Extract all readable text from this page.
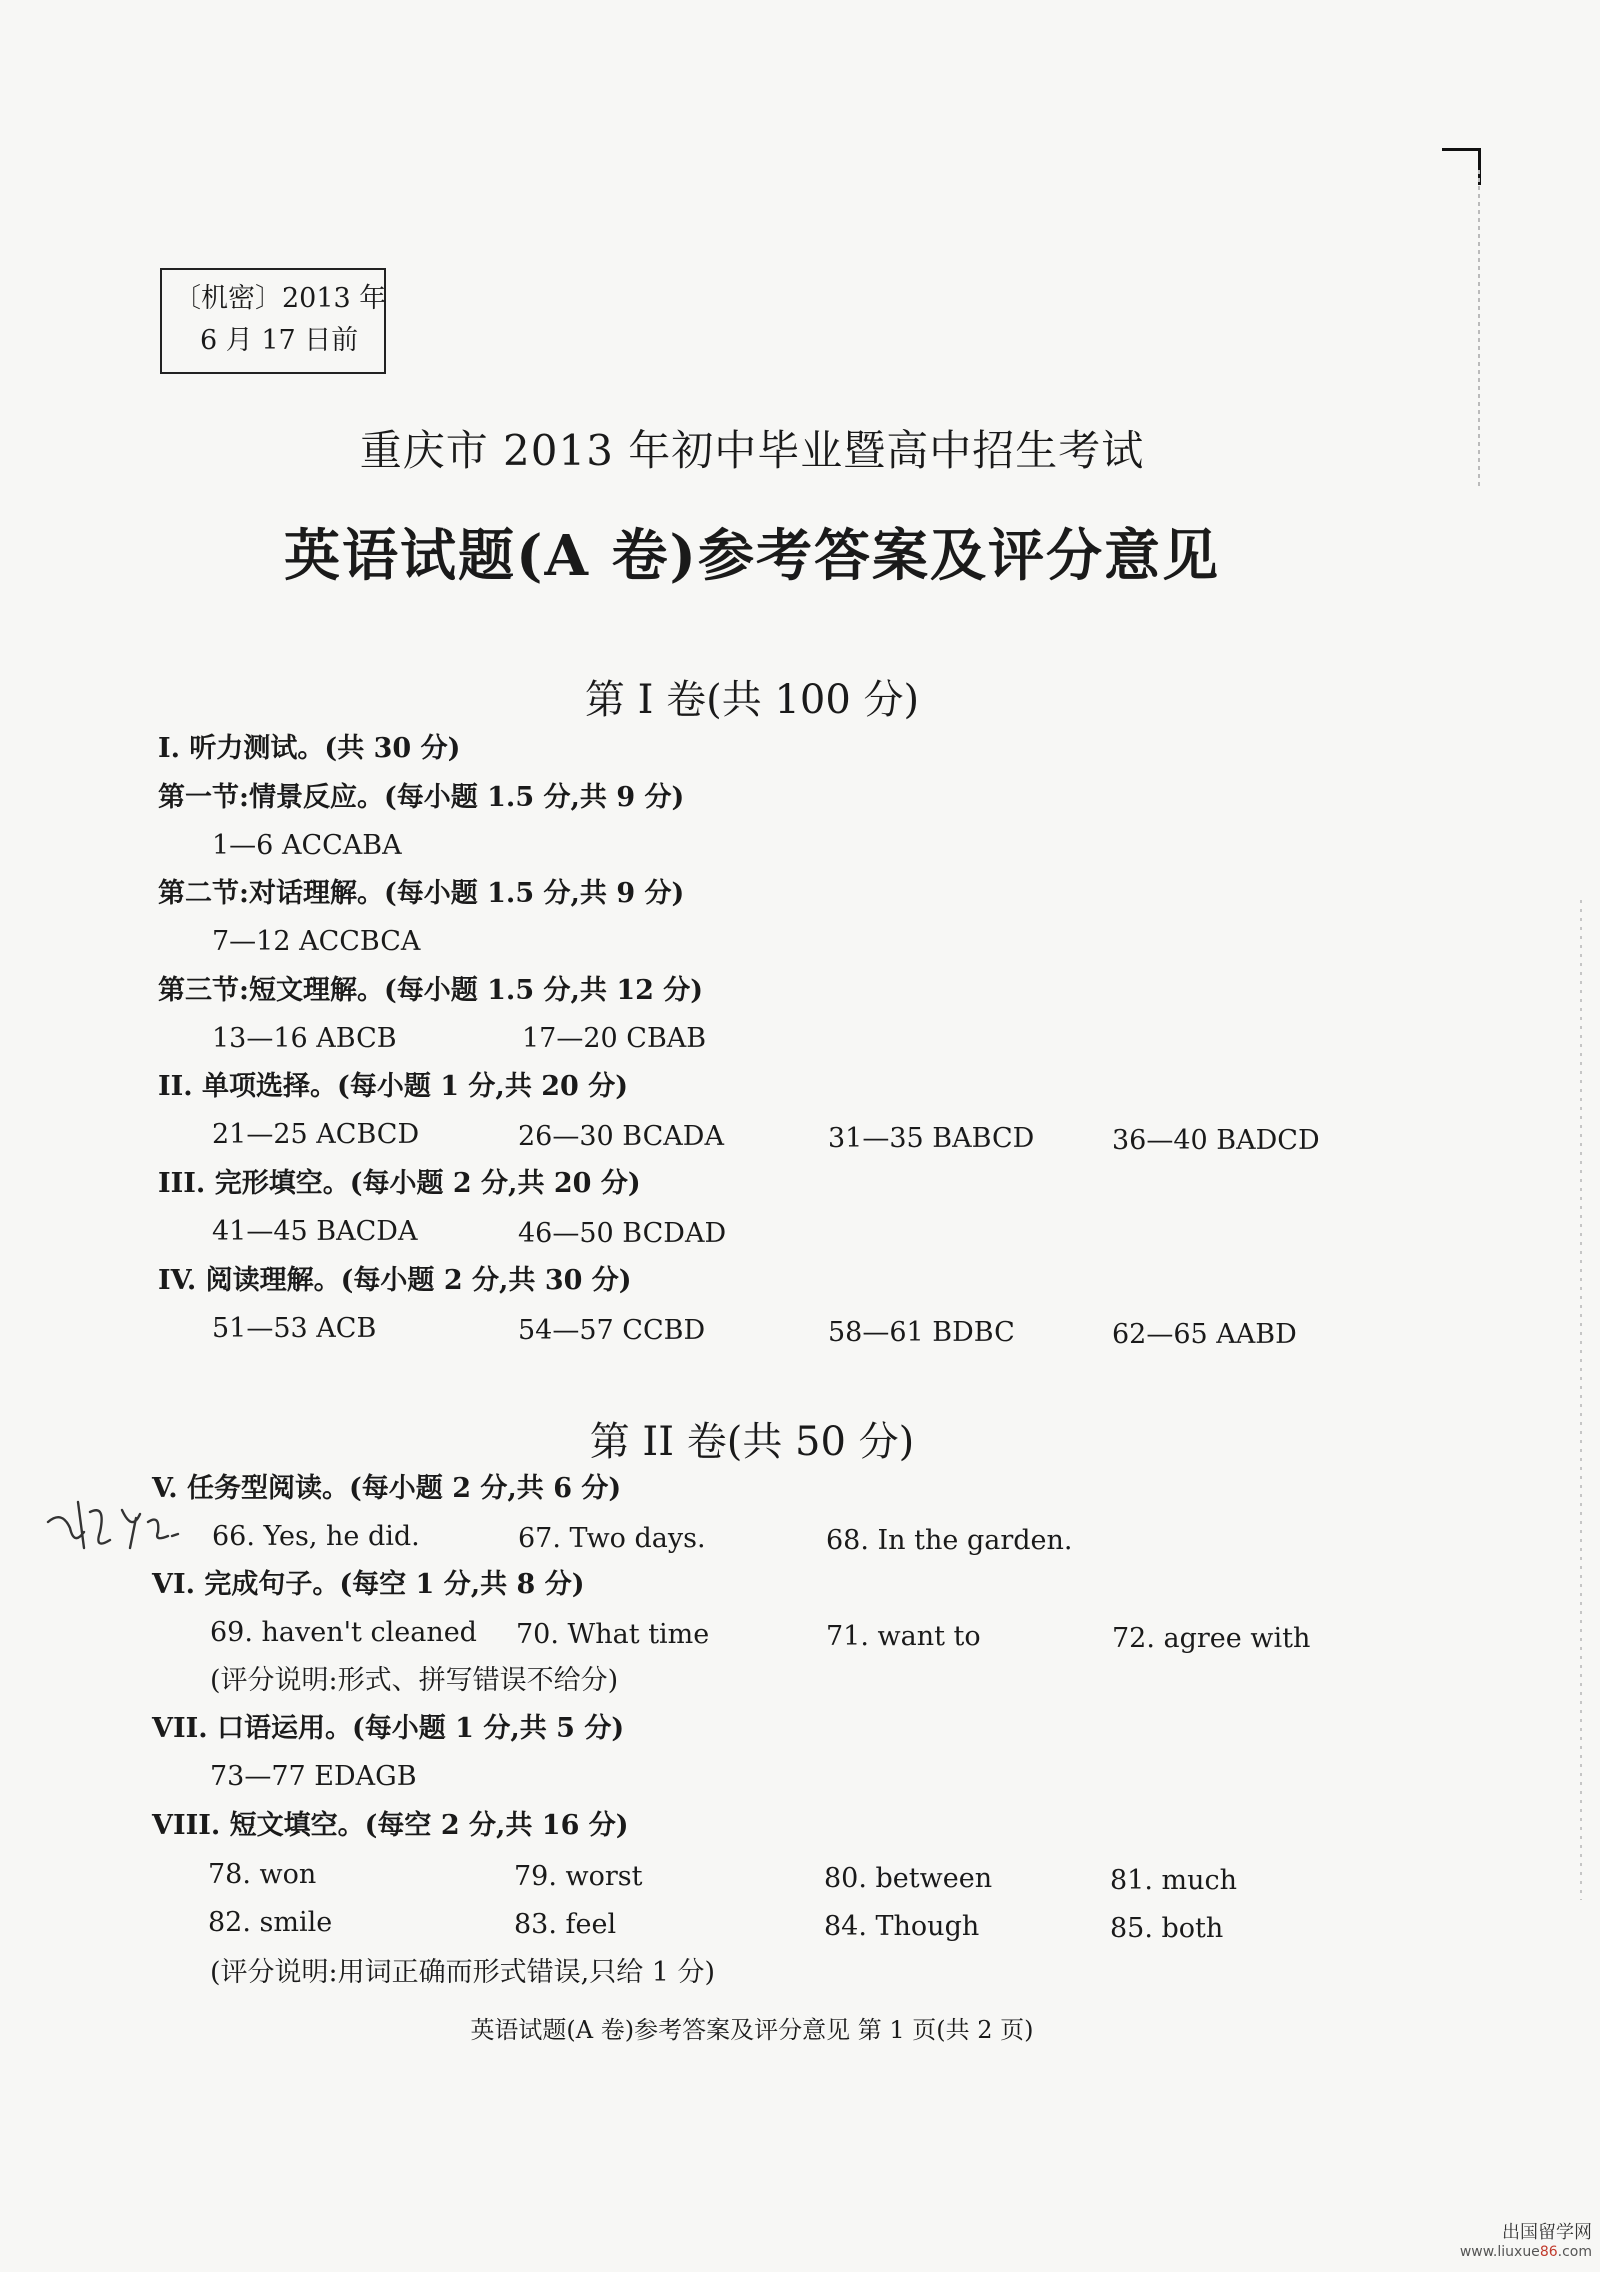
〔机密〕2013 年
6 月 17 日前
重庆市 2013 年初中毕业暨高中招生考试
英语试题(A 卷)参考答案及评分意见
第 I 卷(共 100 分)
I. 听力测试。(共 30 分)
第一节:情景反应。(每小题 1.5 分,共 9 分)
1—6 ACCABA
第二节:对话理解。(每小题 1.5 分,共 9 分)
7—12 ACCBCA
第三节:短文理解。(每小题 1.5 分,共 12 分)
13—16 ABCB	17—20 CBAB
II. 单项选择。(每小题 1 分,共 20 分)
21—25 ACBCD	26—30 BCADA	31—35 BABCD	36—40 BADCD
III. 完形填空。(每小题 2 分,共 20 分)
41—45 BACDA	46—50 BCDAD
IV. 阅读理解。(每小题 2 分,共 30 分)
51—53 ACB	54—57 CCBD	58—61 BDBC	62—65 AABD
第 II 卷(共 50 分)
V. 任务型阅读。(每小题 2 分,共 6 分)
66. Yes, he did.	67. Two days.	68. In the garden.
VI. 完成句子。(每空 1 分,共 8 分)
69. haven't cleaned 70. What time	71. want to	72. agree with
(评分说明:形式、拼写错误不给分)
VII. 口语运用。(每小题 1 分,共 5 分)
73—77 EDAGB
VIII. 短文填空。(每空 2 分,共 16 分)
78. won	79. worst	80. between	81. much
82. smile	83. feel	84. Though	85. both
(评分说明:用词正确而形式错误,只给 1 分)
英语试题(A 卷)参考答案及评分意见 第 1 页(共 2 页)
出国留学网
www.liuxue86.com
